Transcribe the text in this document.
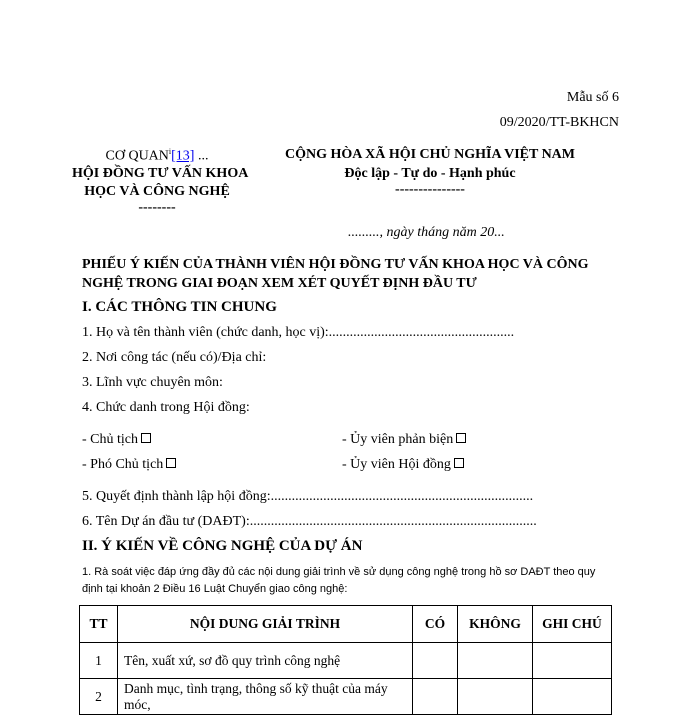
Mẫu số 6
09/2020/TT-BKHCN
CƠ QUAN$^i$[13] ...
HỘI ĐỒNG TƯ VẤN KHOA
HỌC VÀ CÔNG NGHỆ
--------
CỘNG HÒA XÃ HỘI CHỦ NGHĨA VIỆT NAM
Độc lập - Tự do - Hạnh phúc
---------------
........., ngày tháng năm 20...
PHIẾU Ý KIẾN CỦA THÀNH VIÊN HỘI ĐỒNG TƯ VẤN KHOA HỌC VÀ CÔNG
NGHỆ TRONG GIAI ĐOẠN XEM XÉT QUYẾT ĐỊNH ĐẦU TƯ
I. CÁC THÔNG TIN CHUNG
1. Họ và tên thành viên (chức danh, học vị):.....................................................
2. Nơi công tác (nếu có)/Địa chỉ:
3. Lĩnh vực chuyên môn:
4. Chức danh trong Hội đồng:
- Chủ tịch	- Ủy viên phản biện
- Phó Chủ tịch	- Ủy viên Hội đồng
5. Quyết định thành lập hội đồng:...........................................................................
6. Tên Dự án đầu tư (DAĐT):..................................................................................
II. Ý KIẾN VỀ CÔNG NGHỆ CỦA DỰ ÁN
1. Rà soát việc đáp ứng đầy đủ các nội dung giải trình về sử dụng công nghệ trong hồ sơ DAĐT theo quy
định tại khoản 2 Điều 16 Luật Chuyển giao công nghệ:
TT	NỘI DUNG GIẢI TRÌNH	CÓ	KHÔNG	GHI CHÚ
1	Tên, xuất xứ, sơ đồ quy trình công nghệ			
2	Danh mục, tình trạng, thông số kỹ thuật của máy móc,			
